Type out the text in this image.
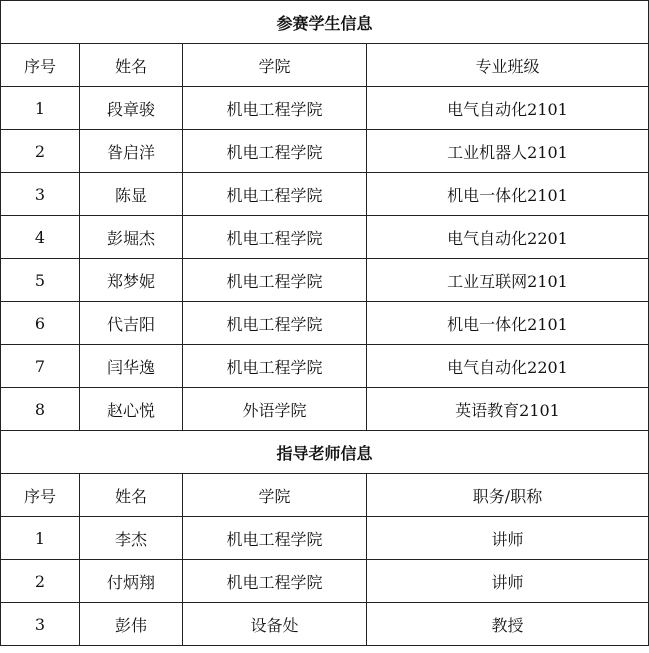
参赛学生信息			
序号	姓名	学院	专业班级
1	段章骏	机电工程学院	电气自动化2101
2	昝启洋	机电工程学院	工业机器人2101
3	陈显	机电工程学院	机电一体化2101
4	彭堀杰	机电工程学院	电气自动化2201
5	郑梦妮	机电工程学院	工业互联网2101
6	代吉阳	机电工程学院	机电一体化2101
7	闫华逸	机电工程学院	电气自动化2201
8	赵心悦	外语学院	英语教育2101
指导老师信息			
序号	姓名	学院	职务/职称
1	李杰	机电工程学院	讲师
2	付炳翔	机电工程学院	讲师
3	彭伟	设备处	教授
